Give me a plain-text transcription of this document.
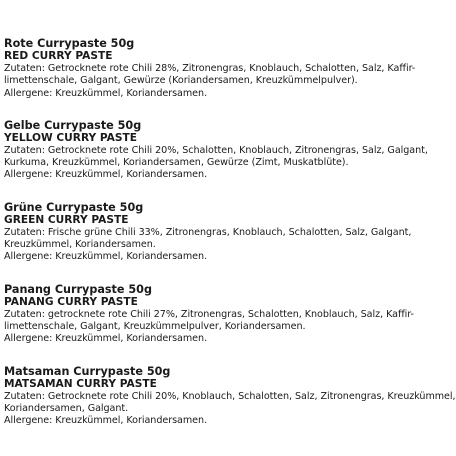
Rote Currypaste 50g
RED CURRY PASTE
Zutaten: Getrocknete rote Chili 28%, Zitronengras, Knoblauch, Schalotten, Salz, Kaffir-
limettenschale, Galgant, Gewürze (Koriandersamen, Kreuzkümmelpulver).
Allergene: Kreuzkümmel, Koriandersamen.
Gelbe Currypaste 50g
YELLOW CURRY PASTE
Zutaten: Getrocknete rote Chili 20%, Schalotten, Knoblauch, Zitronengras, Salz, Galgant,
Kurkuma, Kreuzkümmel, Koriandersamen, Gewürze (Zimt, Muskatblüte).
Allergene: Kreuzkümmel, Koriandersamen.
Grüne Currypaste 50g
GREEN CURRY PASTE
Zutaten: Frische grüne Chili 33%, Zitronengras, Knoblauch, Schalotten, Salz, Galgant,
Kreuzkümmel, Koriandersamen.
Allergene: Kreuzkümmel, Koriandersamen.
Panang Currypaste 50g
PANANG CURRY PASTE
Zutaten: getrocknete rote Chili 27%, Zitronengras, Schalotten, Knoblauch, Salz, Kaffir-
limettenschale, Galgant, Kreuzkümmelpulver, Koriandersamen.
Allergene: Kreuzkümmel, Koriandersamen.
Matsaman Currypaste 50g
MATSAMAN CURRY PASTE
Zutaten: Getrocknete rote Chili 20%, Knoblauch, Schalotten, Salz, Zitronengras, Kreuzkümmel,
Koriandersamen, Galgant.
Allergene: Kreuzkümmel, Koriandersamen.
